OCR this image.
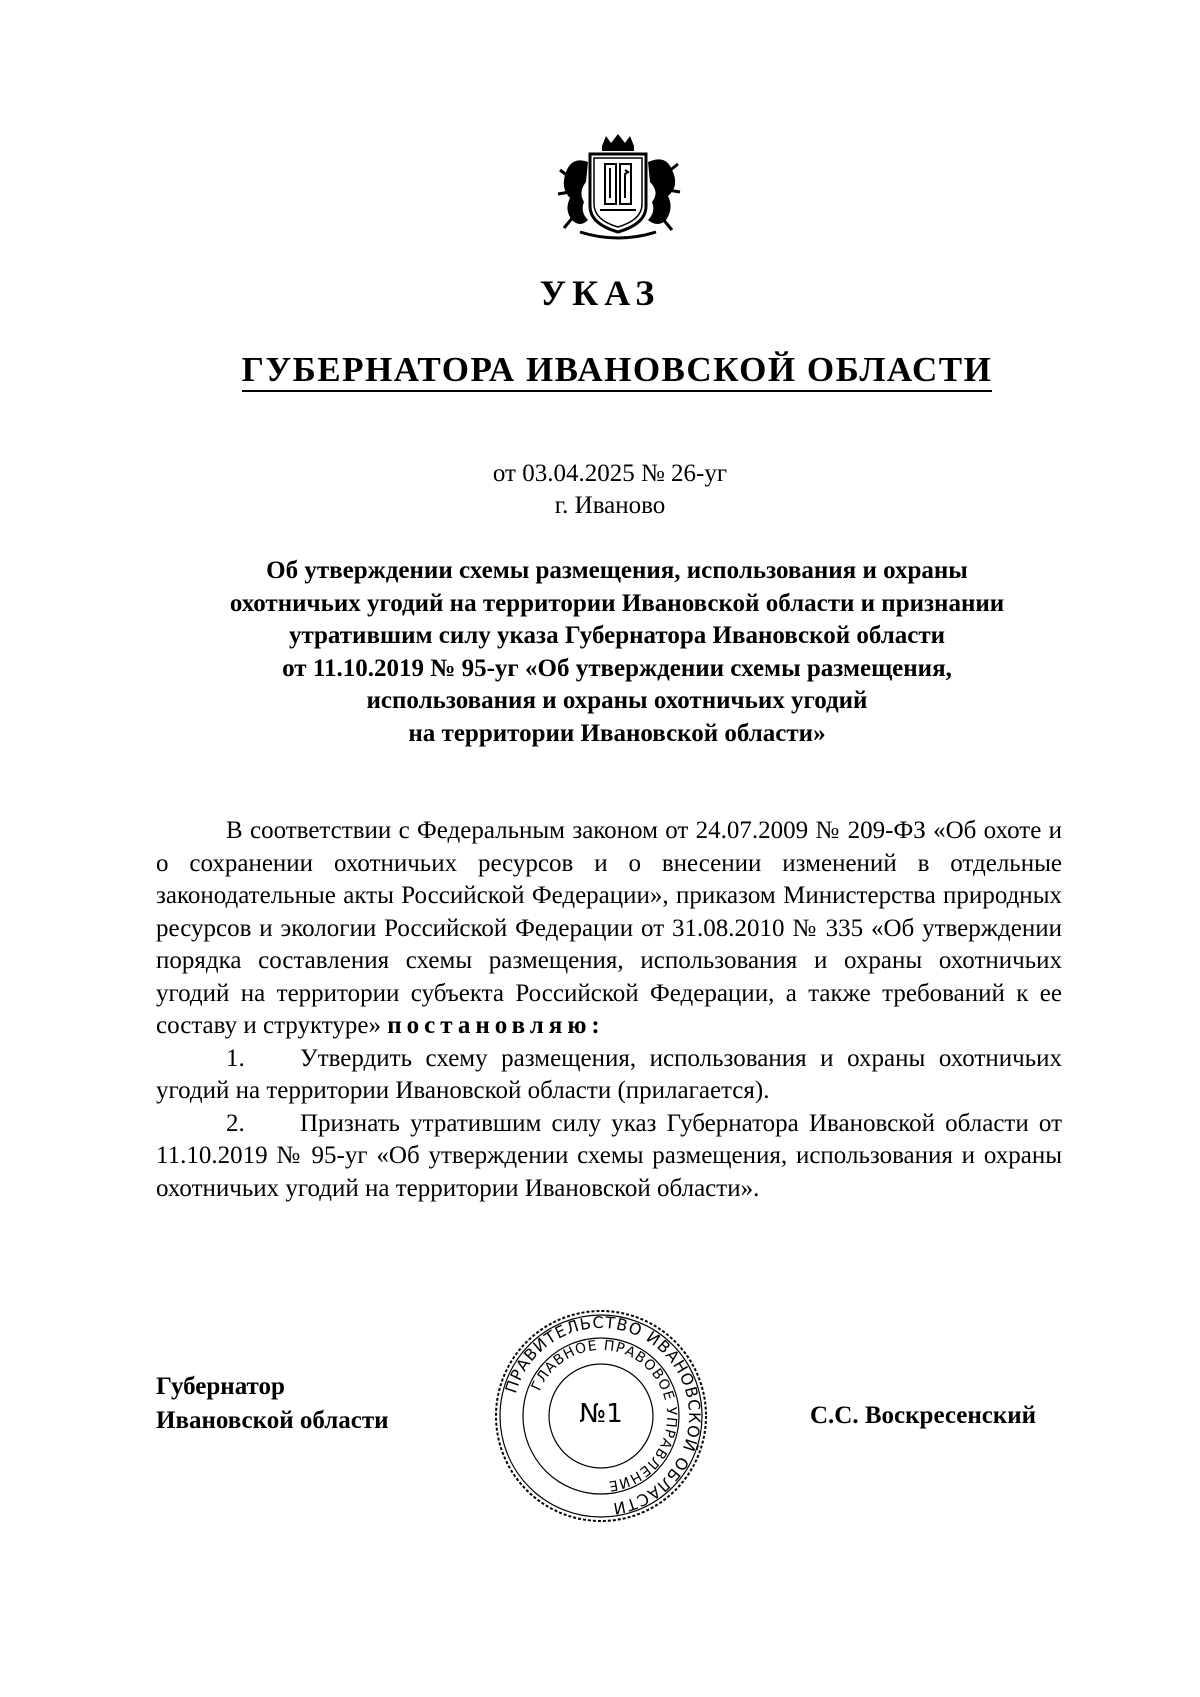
УКАЗ
ГУБЕРНАТОРА ИВАНОВСКОЙ ОБЛАСТИ
от 03.04.2025 № 26-уг
г. Иваново
Об утверждении схемы размещения, использования и охраны
охотничьих угодий на территории Ивановской области и признании
утратившим силу указа Губернатора Ивановской области
от 11.10.2019 № 95-уг «Об утверждении схемы размещения,
использования и охраны охотничьих угодий
на территории Ивановской области»

В соответствии с Федеральным законом от 24.07.2009 № 209-ФЗ «Об охоте и о сохранении охотничьих ресурсов и о внесении изменений в отдельные законодательные акты Российской Федерации», приказом Министерства природных ресурсов и экологии Российской Федерации от 31.08.2010 № 335 «Об утверждении порядка составления схемы размещения, использования и охраны охотничьих угодий на территории субъекта Российской Федерации, а также требований к ее составу и структуре» постановляю:

1. Утвердить схему размещения, использования и охраны охотничьих угодий на территории Ивановской области (прилагается).

2. Признать утратившим силу указ Губернатора Ивановской области от 11.10.2019 № 95-уг «Об утверждении схемы размещения, использования и охраны охотничьих угодий на территории Ивановской области».

Губернатор
Ивановской области
ПРАВИТЕЛЬСТВО ИВАНОВСКОЙ ОБЛАСТИ
ГЛАВНОЕ ПРАВОВОЕ УПРАВЛЕНИЕ
№1	С.С. Воскресенский
